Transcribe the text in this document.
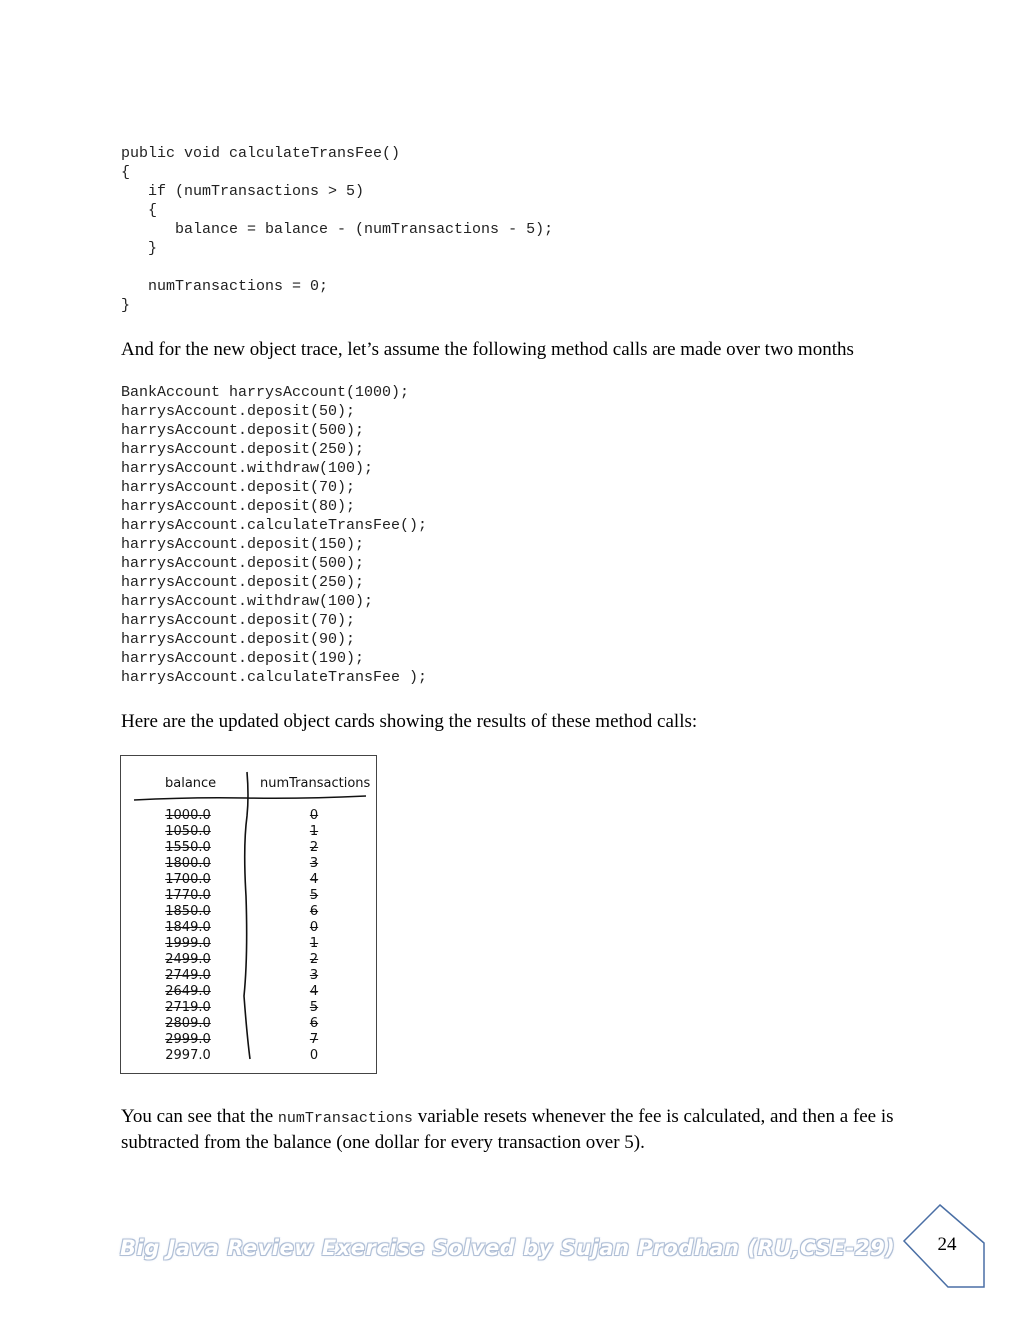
public void calculateTransFee()
{
if (numTransactions > 5)
{
balance = balance - (numTransactions - 5);
}
numTransactions = 0;
}

And for the new object trace, let’s assume the following method calls are made over two months

BankAccount harrysAccount(1000);
harrysAccount.deposit(50);
harrysAccount.deposit(500);
harrysAccount.deposit(250);
harrysAccount.withdraw(100);
harrysAccount.deposit(70);
harrysAccount.deposit(80);
harrysAccount.calculateTransFee();
harrysAccount.deposit(150);
harrysAccount.deposit(500);
harrysAccount.deposit(250);
harrysAccount.withdraw(100);
harrysAccount.deposit(70);
harrysAccount.deposit(90);
harrysAccount.deposit(190);
harrysAccount.calculateTransFee );

Here are the updated object cards showing the results of these method calls:

balance	numTransactions
1000.0
1050.0
1550.0
1800.0
1700.0
1770.0
1850.0
1849.0
1999.0
2499.0
2749.0
2649.0
2719.0
2809.0
2999.0
2997.0
0
1
2
3
4
5
6
0
1
2
3
4
5
6
7
0

You can see that the numTransactions variable resets whenever the fee is calculated, and then a fee is subtracted from the balance (one dollar for every transaction over 5).

Big Java Review Exercise Solved by Sujan Prodhan (RU,CSE-29)	24
